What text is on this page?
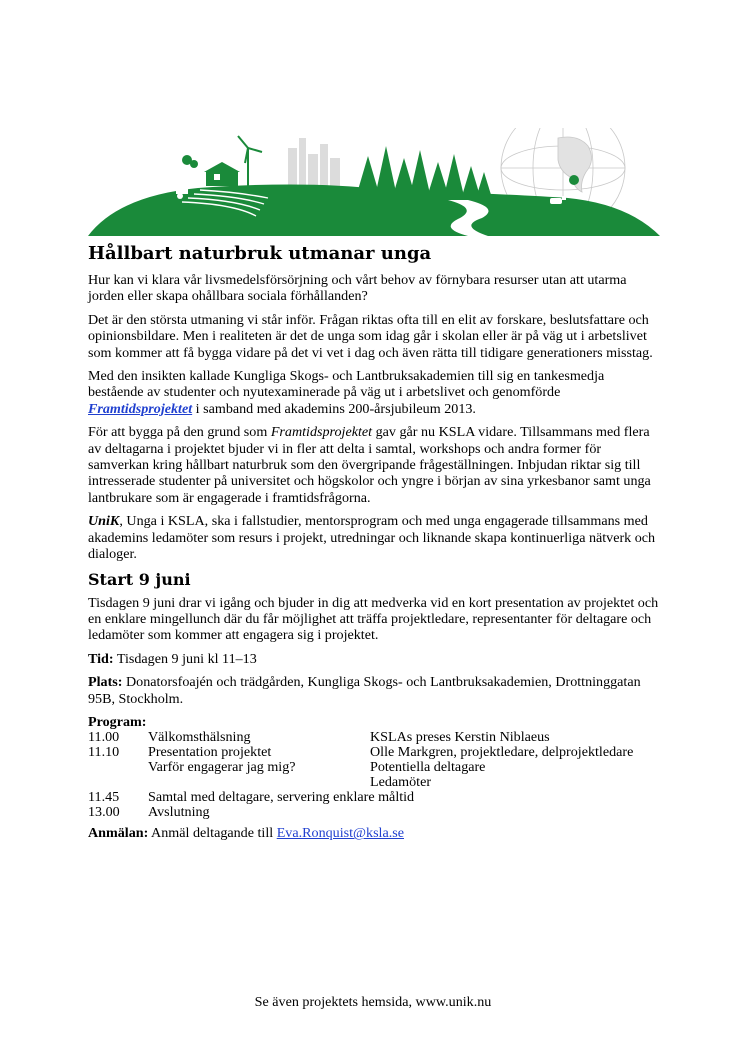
Hållbart naturbruk utmanar unga

Hur kan vi klara vår livsmedelsförsörjning och vårt behov av förnybara resurser utan att utarma jorden eller skapa ohållbara sociala förhållanden?

Det är den största utmaning vi står inför. Frågan riktas ofta till en elit av forskare, beslutsfattare och opinionsbildare. Men i realiteten är det de unga som idag går i skolan eller är på väg ut i arbetslivet som kommer att få bygga vidare på det vi vet i dag och även rätta till tidigare generationers misstag.

Med den insikten kallade Kungliga Skogs- och Lantbruksakademien till sig en tankesmedja bestående av studenter och nyutexaminerade på väg ut i arbetslivet och genomförde Framtidsprojektet i samband med akademins 200-årsjubileum 2013.

För att bygga på den grund som Framtidsprojektet gav går nu KSLA vidare. Tillsammans med flera av deltagarna i projektet bjuder vi in fler att delta i samtal, workshops och andra former för samverkan kring hållbart naturbruk som den övergripande frågeställningen. Inbjudan riktar sig till intresserade studenter på universitet och högskolor och yngre i början av sina yrkesbanor samt unga lantbrukare som är engagerade i framtidsfrågorna.

UniK, Unga i KSLA, ska i fallstudier, mentorsprogram och med unga engagerade tillsammans med akademins ledamöter som resurs i projekt, utredningar och liknande skapa kontinuerliga nätverk och dialoger.

Start 9 juni

Tisdagen 9 juni drar vi igång och bjuder in dig att medverka vid en kort presentation av projektet och en enklare mingellunch där du får möjlighet att träffa projektledare, representanter för deltagare och ledamöter som kommer att engagera sig i projektet.

Tid: Tisdagen 9 juni kl 11–13

Plats: Donatorsfoajén och trädgården, Kungliga Skogs- och Lantbruksakademien, Drottninggatan 95B, Stockholm.

Program:
11.00	Välkomsthälsning	KSLAs preses Kerstin Niblaeus
11.10	Presentation projektet	Olle Markgren, projektledare, delprojektledare
	Varför engagerar jag mig?	Potentiella deltagare
		Ledamöter
11.45	Samtal med deltagare, servering enklare måltid	
13.00	Avslutning	

Anmälan: Anmäl deltagande till Eva.Ronquist@ksla.se

Se även projektets hemsida, www.unik.nu
